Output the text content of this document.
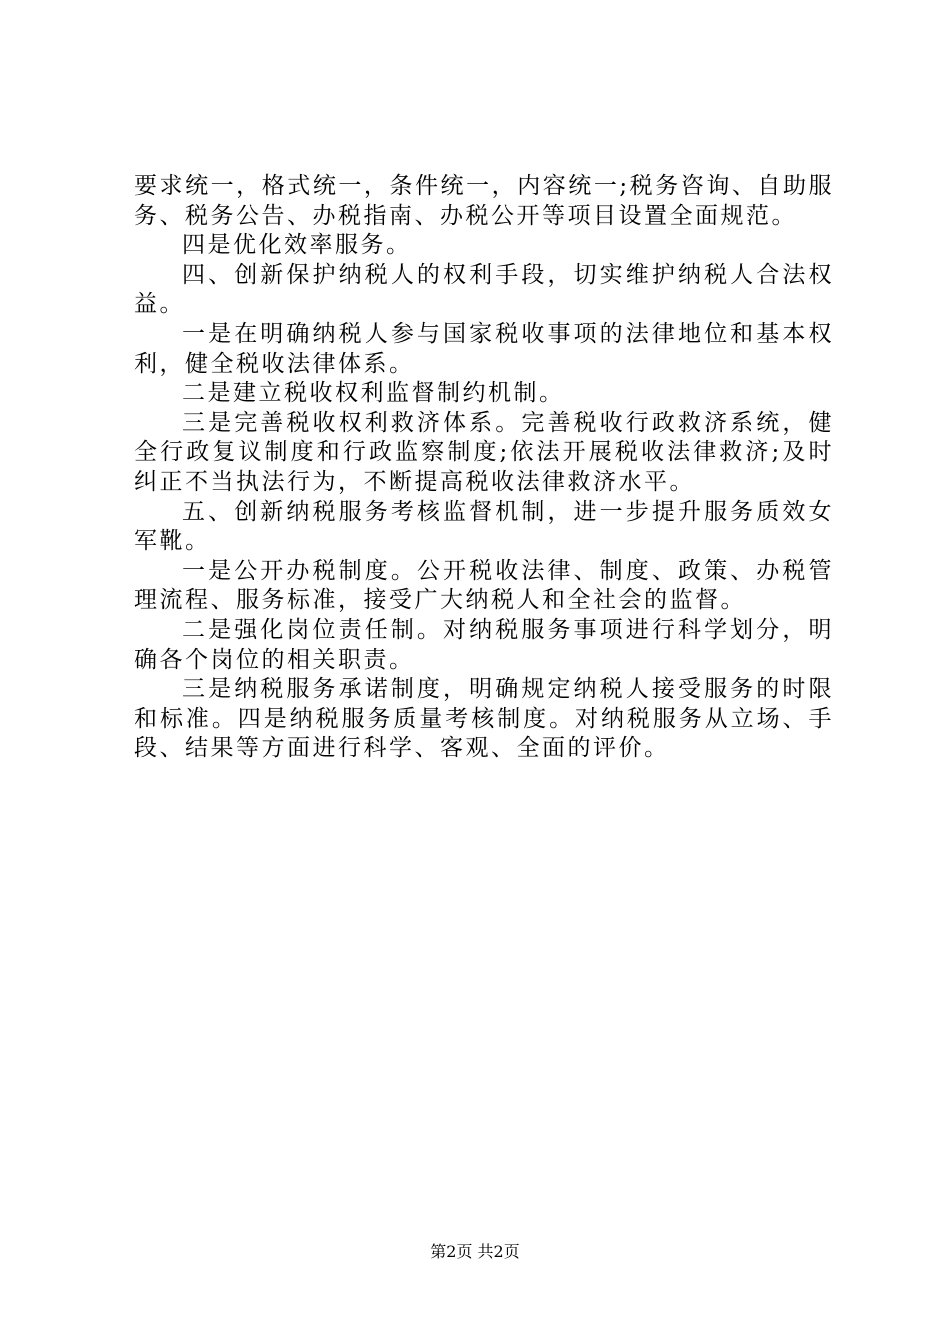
要求统一，格式统一，条件统一，内容统一;税务咨询、自助服务、税务公告、办税指南、办税公开等项目设置全面规范。

四是优化效率服务。

四、创新保护纳税人的权利手段，切实维护纳税人合法权益。

一是在明确纳税人参与国家税收事项的法律地位和基本权利，健全税收法律体系。

二是建立税收权利监督制约机制。

三是完善税收权利救济体系。完善税收行政救济系统，健全行政复议制度和行政监察制度;依法开展税收法律救济;及时纠正不当执法行为，不断提高税收法律救济水平。

五、创新纳税服务考核监督机制，进一步提升服务质效女军靴。

一是公开办税制度。公开税收法律、制度、政策、办税管理流程、服务标准，接受广大纳税人和全社会的监督。

二是强化岗位责任制。对纳税服务事项进行科学划分，明确各个岗位的相关职责。

三是纳税服务承诺制度，明确规定纳税人接受服务的时限和标准。四是纳税服务质量考核制度。对纳税服务从立场、手段、结果等方面进行科学、客观、全面的评价。

第2页 共2页
